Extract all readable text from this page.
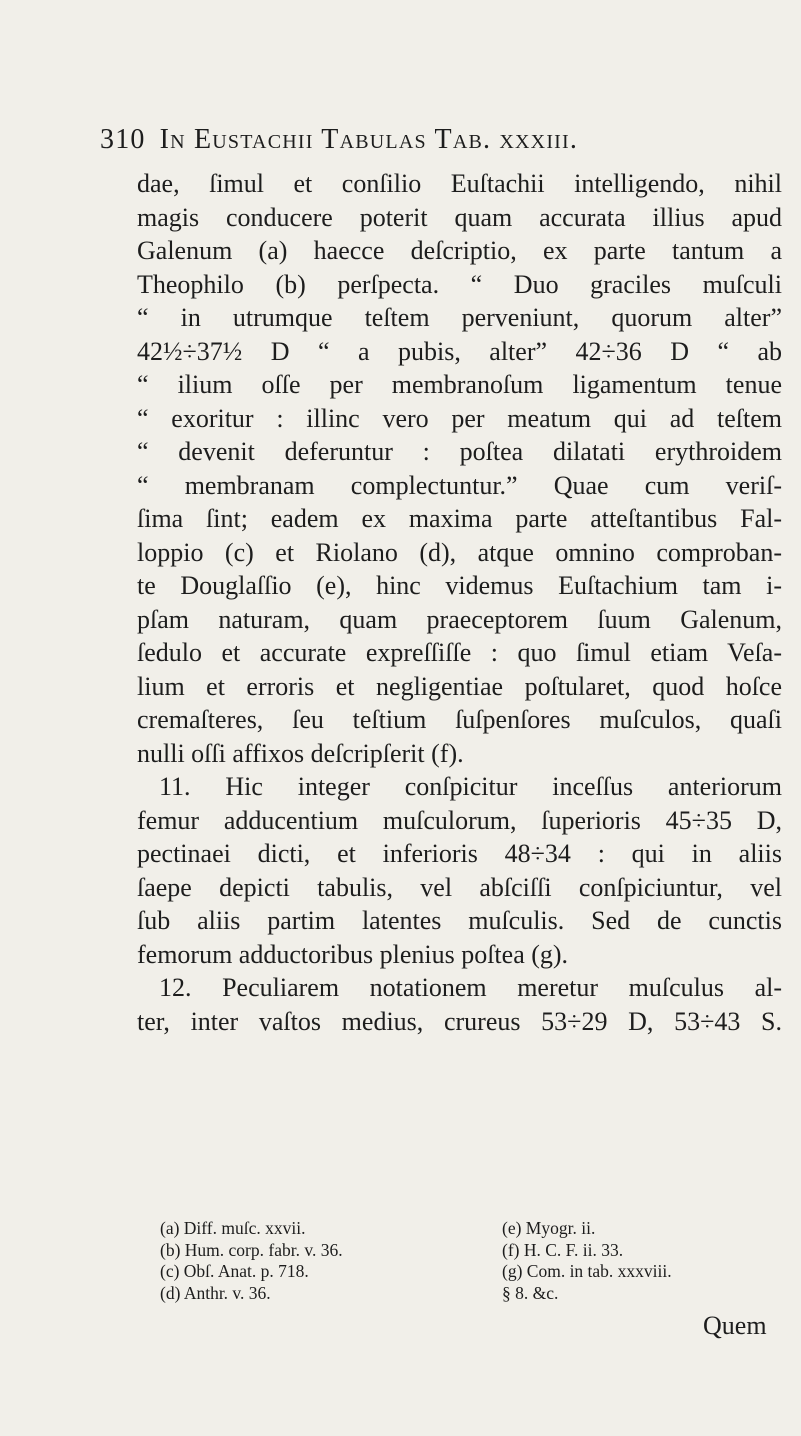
310 In Eustachii Tabulas Tab. xxxiii.
dae, ſimul et conſilio Euſtachii intelligendo, nihil
magis conducere poterit quam accurata illius apud
Galenum (a) haecce deſcriptio, ex parte tantum a
Theophilo (b) perſpecta. “ Duo graciles muſculi
“ in utrumque teſtem perveniunt, quorum alter”
42½÷37½ D “ a pubis, alter” 42÷36 D “ ab
“ ilium oſſe per membranoſum ligamentum tenue
“ exoritur : illinc vero per meatum qui ad teſtem
“ devenit deferuntur : poſtea dilatati erythroidem
“ membranam complectuntur.” Quae cum veriſ-
ſima ſint; eadem ex maxima parte atteſtantibus Fal-
loppio (c) et Riolano (d), atque omnino comproban-
te Douglaſſio (e), hinc videmus Euſtachium tam i-
pſam naturam, quam praeceptorem ſuum Galenum,
ſedulo et accurate expreſſiſſe : quo ſimul etiam Veſa-
lium et erroris et negligentiae poſtularet, quod hoſce
cremaſteres, ſeu teſtium ſuſpenſores muſculos, quaſi
nulli oſſi affixos deſcripſerit (f).
11. Hic integer conſpicitur inceſſus anteriorum
femur adducentium muſculorum, ſuperioris 45÷35 D,
pectinaei dicti, et inferioris 48÷34 : qui in aliis
ſaepe depicti tabulis, vel abſciſſi conſpiciuntur, vel
ſub aliis partim latentes muſculis. Sed de cunctis
femorum adductoribus plenius poſtea (g).
12. Peculiarem notationem meretur muſculus al-
ter, inter vaſtos medius, crureus 53÷29 D, 53÷43 S.
(a) Diff. muſc. xxvii.
(b) Hum. corp. fabr. v. 36.
(c) Obſ. Anat. p. 718.
(d) Anthr. v. 36.
(e) Myogr. ii.
(f) H. C. F. ii. 33.
(g) Com. in tab. xxxviii.
§ 8. &c.
Quem
